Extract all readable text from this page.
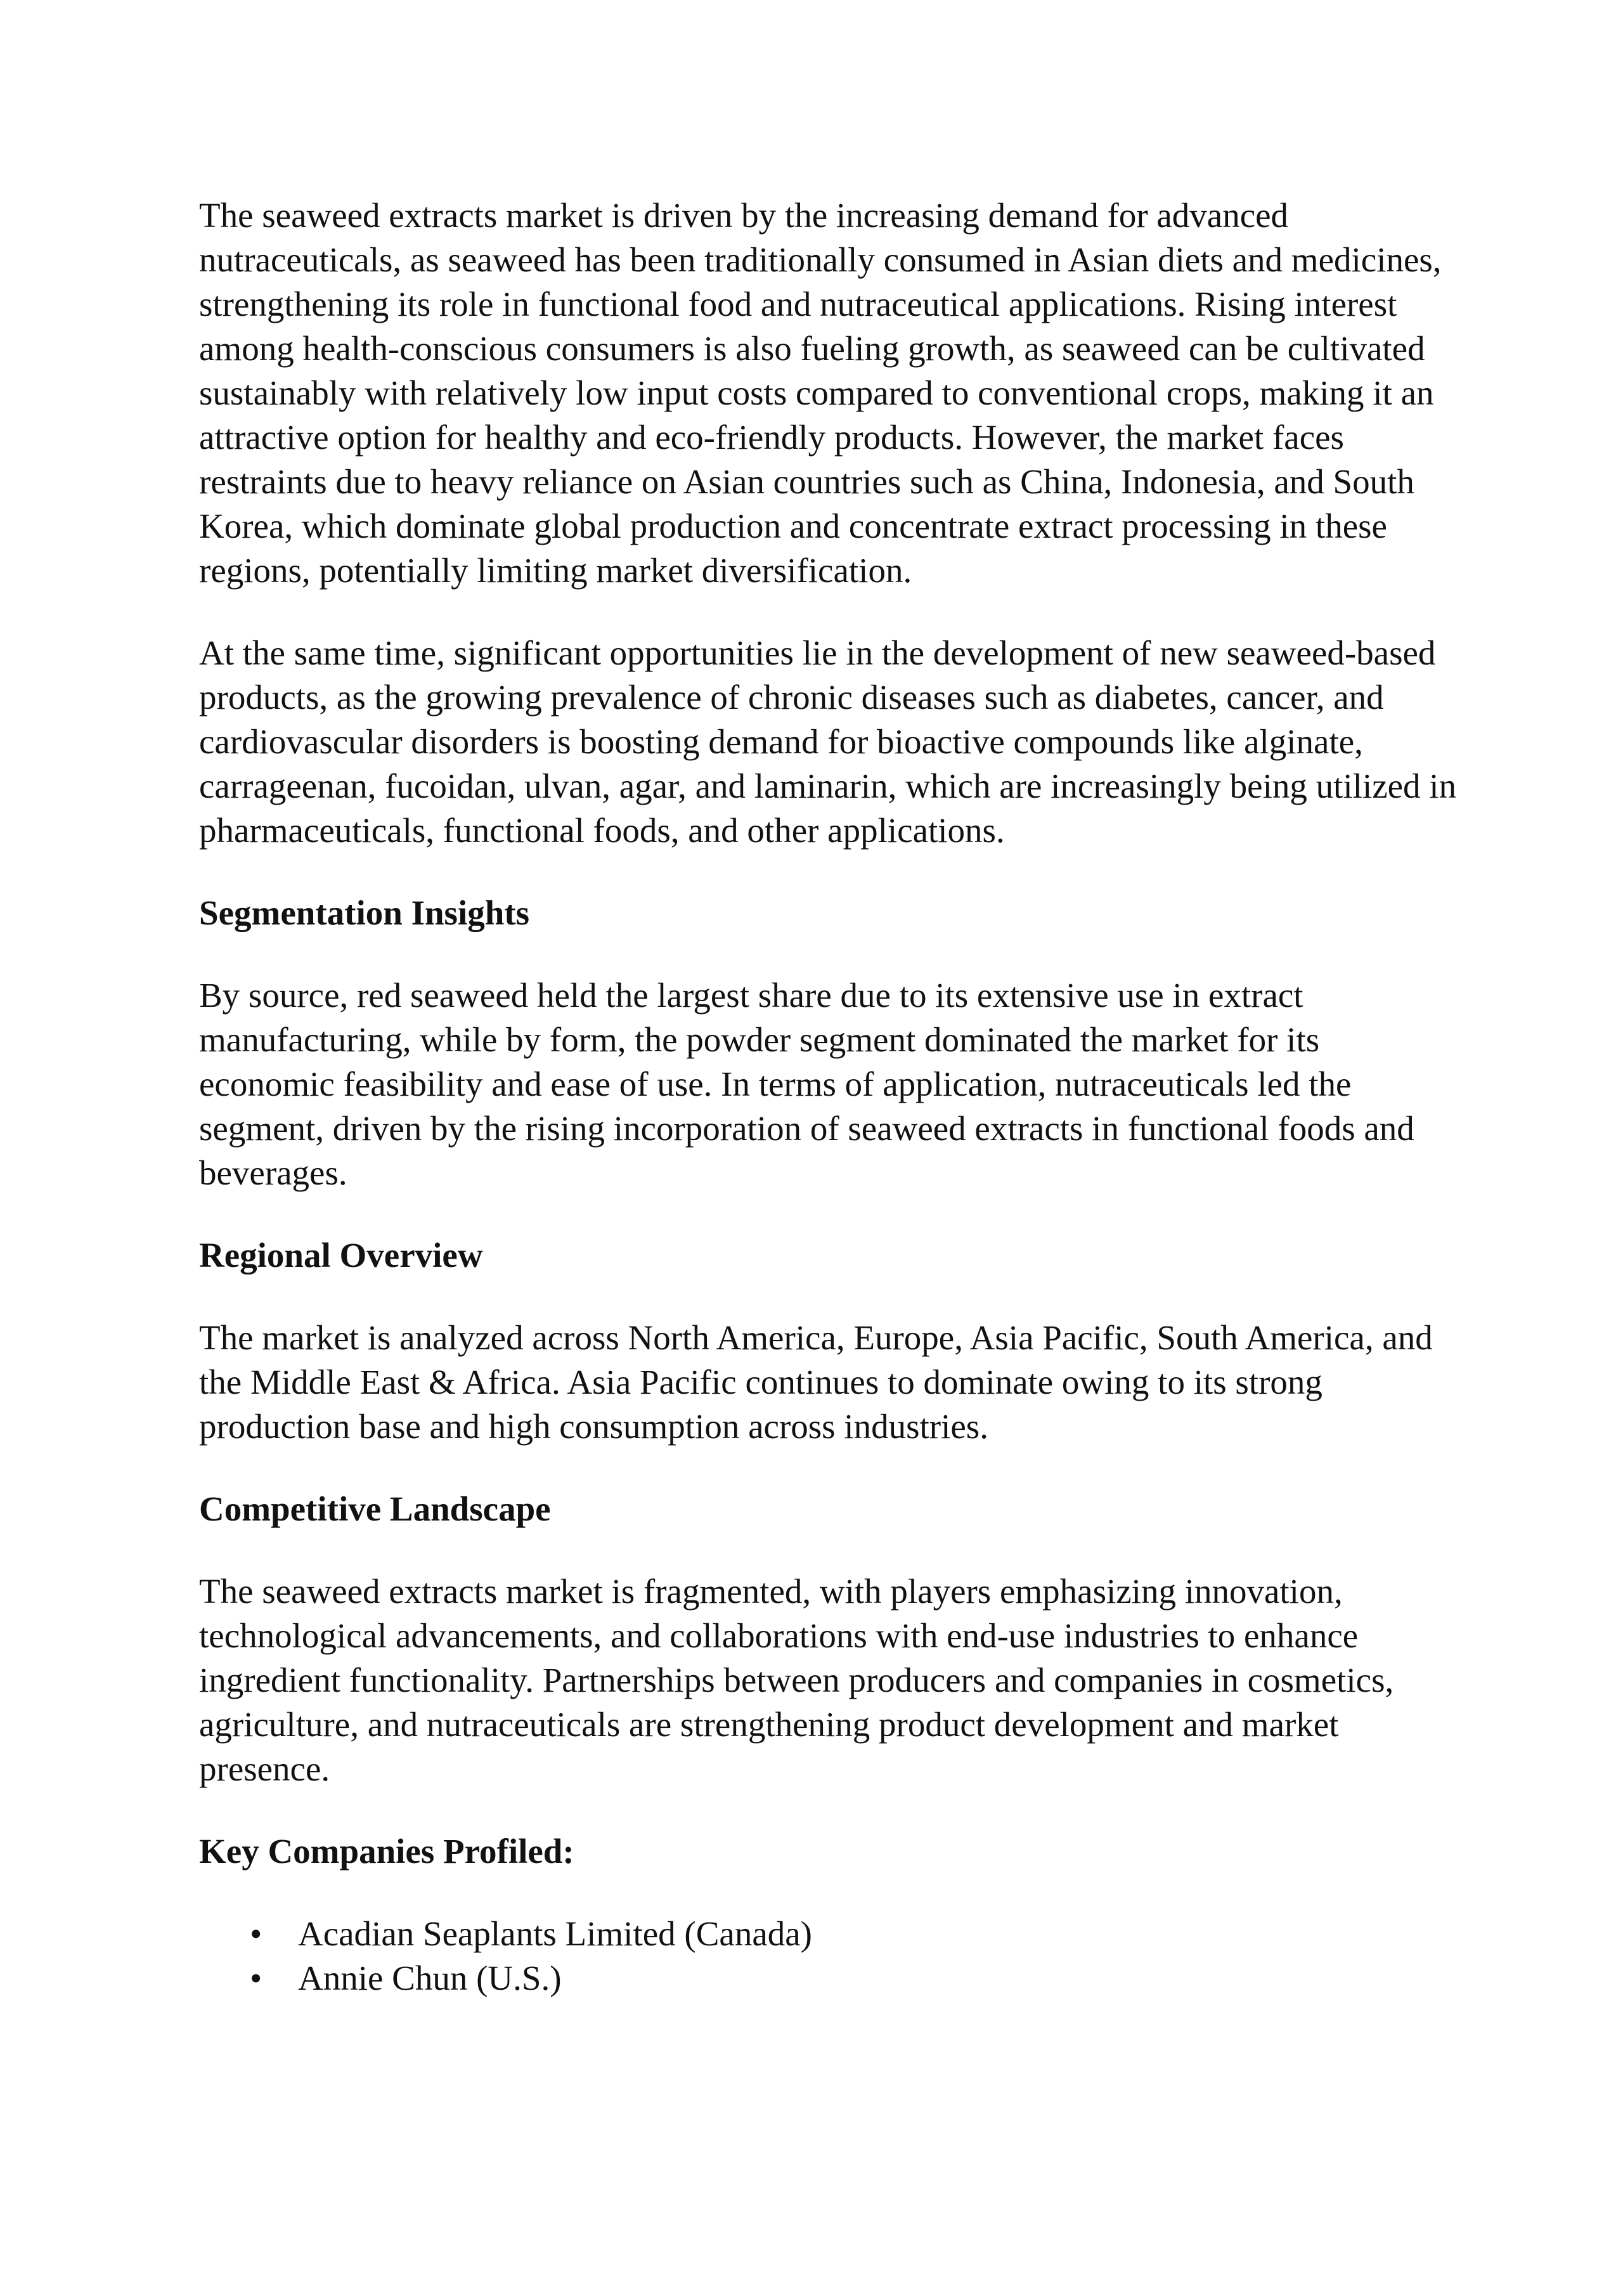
The seaweed extracts market is driven by the increasing demand for advanced nutraceuticals, as seaweed has been traditionally consumed in Asian diets and medicines, strengthening its role in functional food and nutraceutical applications. Rising interest among health-conscious consumers is also fueling growth, as seaweed can be cultivated sustainably with relatively low input costs compared to conventional crops, making it an attractive option for healthy and eco-friendly products. However, the market faces restraints due to heavy reliance on Asian countries such as China, Indonesia, and South Korea, which dominate global production and concentrate extract processing in these regions, potentially limiting market diversification.

At the same time, significant opportunities lie in the development of new seaweed-based products, as the growing prevalence of chronic diseases such as diabetes, cancer, and cardiovascular disorders is boosting demand for bioactive compounds like alginate, carrageenan, fucoidan, ulvan, agar, and laminarin, which are increasingly being utilized in pharmaceuticals, functional foods, and other applications.

Segmentation Insights

By source, red seaweed held the largest share due to its extensive use in extract manufacturing, while by form, the powder segment dominated the market for its economic feasibility and ease of use. In terms of application, nutraceuticals led the segment, driven by the rising incorporation of seaweed extracts in functional foods and beverages.

Regional Overview

The market is analyzed across North America, Europe, Asia Pacific, South America, and the Middle East & Africa. Asia Pacific continues to dominate owing to its strong production base and high consumption across industries.

Competitive Landscape

The seaweed extracts market is fragmented, with players emphasizing innovation, technological advancements, and collaborations with end-use industries to enhance ingredient functionality. Partnerships between producers and companies in cosmetics, agriculture, and nutraceuticals are strengthening product development and market presence.

Key Companies Profiled:

•	Acadian Seaplants Limited (Canada)
•	Annie Chun (U.S.)
